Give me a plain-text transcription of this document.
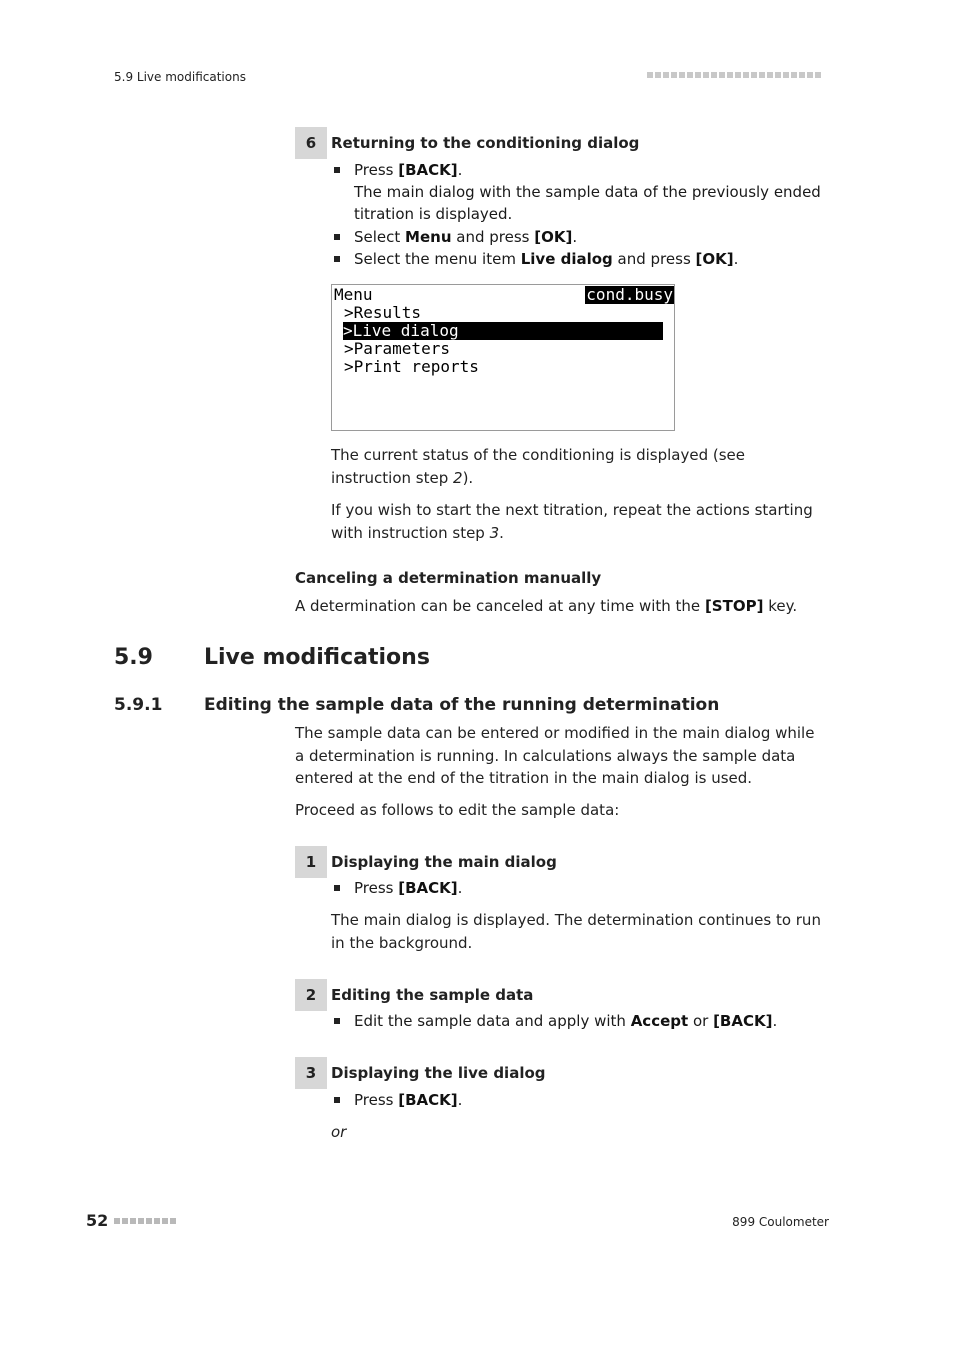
5.9 Live modifications
6 Returning to the conditioning dialog
Press [BACK].
The main dialog with the sample data of the previously ended titration is displayed.
Select Menu and press [OK].
Select the menu item Live dialog and press [OK].
Menu	cond.busy
>Results
>Live dialog
>Parameters
>Print reports
The current status of the conditioning is displayed (see instruction step 2).
If you wish to start the next titration, repeat the actions starting with instruction step 3.
Canceling a determination manually
A determination can be canceled at any time with the [STOP] key.
5.9 Live modifications
5.9.1 Editing the sample data of the running determination
The sample data can be entered or modified in the main dialog while a determination is running. In calculations always the sample data entered at the end of the titration in the main dialog is used.
Proceed as follows to edit the sample data:
1 Displaying the main dialog
Press [BACK].
The main dialog is displayed. The determination continues to run in the background.
2 Editing the sample data
Edit the sample data and apply with Accept or [BACK].
3 Displaying the live dialog
Press [BACK].
or
52	899 Coulometer
